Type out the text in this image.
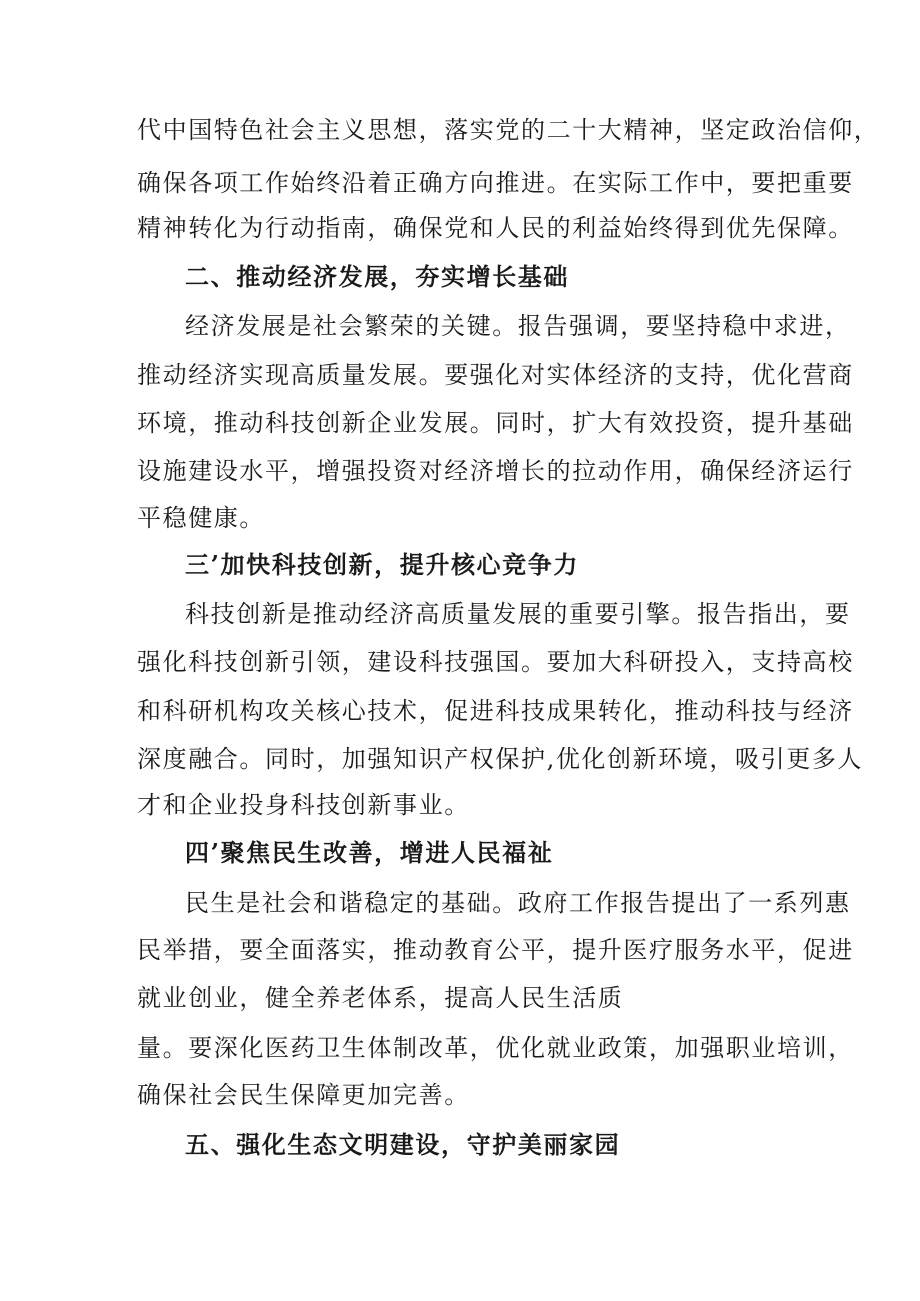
代中国特色社会主义思想，落实党的二十大精神，坚定政治信仰，
确保各项工作始终沿着正确方向推进。在实际工作中，要把重要
精神转化为行动指南，确保党和人民的利益始终得到优先保障。
二、推动经济发展，夯实增长基础
经济发展是社会繁荣的关键。报告强调，要坚持稳中求进，
推动经济实现高质量发展。要强化对实体经济的支持，优化营商
环境，推动科技创新企业发展。同时，扩大有效投资，提升基础
设施建设水平，增强投资对经济增长的拉动作用，确保经济运行
平稳健康。
三’加快科技创新，提升核心竞争力
科技创新是推动经济高质量发展的重要引擎。报告指出，要
强化科技创新引领，建设科技强国。要加大科研投入，支持高校
和科研机构攻关核心技术，促进科技成果转化，推动科技与经济
深度融合。同时，加强知识产权保护,优化创新环境，吸引更多人
才和企业投身科技创新事业。
四’聚焦民生改善，增进人民福祉
民生是社会和谐稳定的基础。政府工作报告提出了一系列惠
民举措，要全面落实，推动教育公平，提升医疗服务水平，促进
就业创业，健全养老体系，提高人民生活质
量。要深化医药卫生体制改革，优化就业政策，加强职业培训，
确保社会民生保障更加完善。
五、强化生态文明建设，守护美丽家园
